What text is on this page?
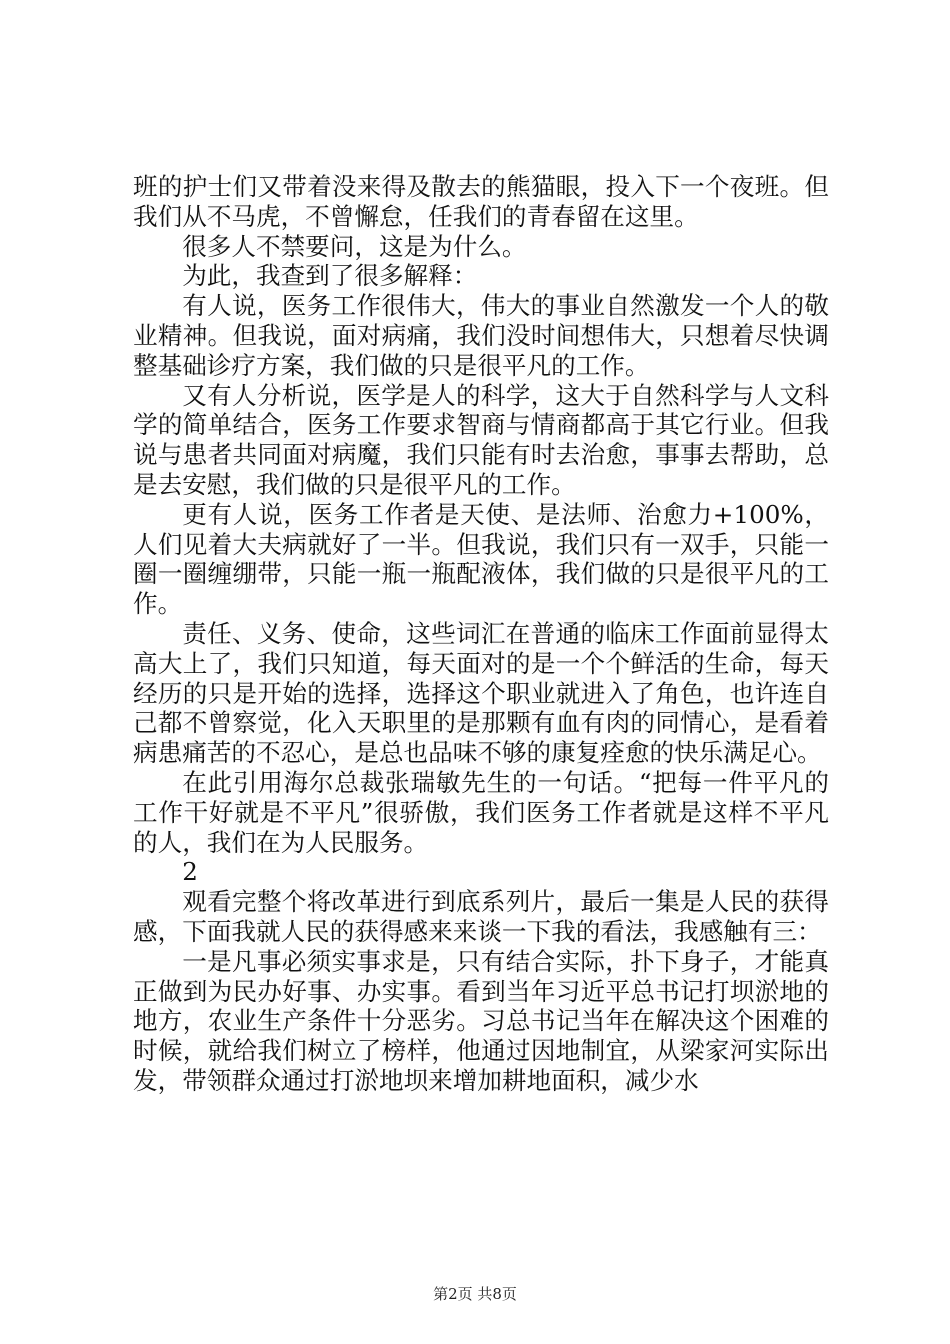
班的护士们又带着没来得及散去的熊猫眼，投入下一个夜班。但我们从不马虎，不曾懈怠，任我们的青春留在这里。

很多人不禁要问，这是为什么。

为此，我查到了很多解释：

有人说，医务工作很伟大，伟大的事业自然激发一个人的敬业精神。但我说，面对病痛，我们没时间想伟大，只想着尽快调整基础诊疗方案，我们做的只是很平凡的工作。

又有人分析说，医学是人的科学，这大于自然科学与人文科学的简单结合，医务工作要求智商与情商都高于其它行业。但我说与患者共同面对病魔，我们只能有时去治愈，事事去帮助，总是去安慰，我们做的只是很平凡的工作。

更有人说，医务工作者是天使、是法师、治愈力+100%，人们见着大夫病就好了一半。但我说，我们只有一双手，只能一圈一圈缠绷带，只能一瓶一瓶配液体，我们做的只是很平凡的工作。

责任、义务、使命，这些词汇在普通的临床工作面前显得太高大上了，我们只知道，每天面对的是一个个鲜活的生命，每天经历的只是开始的选择，选择这个职业就进入了角色，也许连自己都不曾察觉，化入天职里的是那颗有血有肉的同情心，是看着病患痛苦的不忍心，是总也品味不够的康复痊愈的快乐满足心。

在此引用海尔总裁张瑞敏先生的一句话。“把每一件平凡的工作干好就是不平凡”很骄傲，我们医务工作者就是这样不平凡的人，我们在为人民服务。

2

观看完整个将改革进行到底系列片，最后一集是人民的获得感，下面我就人民的获得感来来谈一下我的看法，我感触有三：

一是凡事必须实事求是，只有结合实际，扑下身子，才能真正做到为民办好事、办实事。看到当年习近平总书记打坝淤地的地方，农业生产条件十分恶劣。习总书记当年在解决这个困难的时候，就给我们树立了榜样，他通过因地制宜，从梁家河实际出发，带领群众通过打淤地坝来增加耕地面积，减少水

第2页 共8页
